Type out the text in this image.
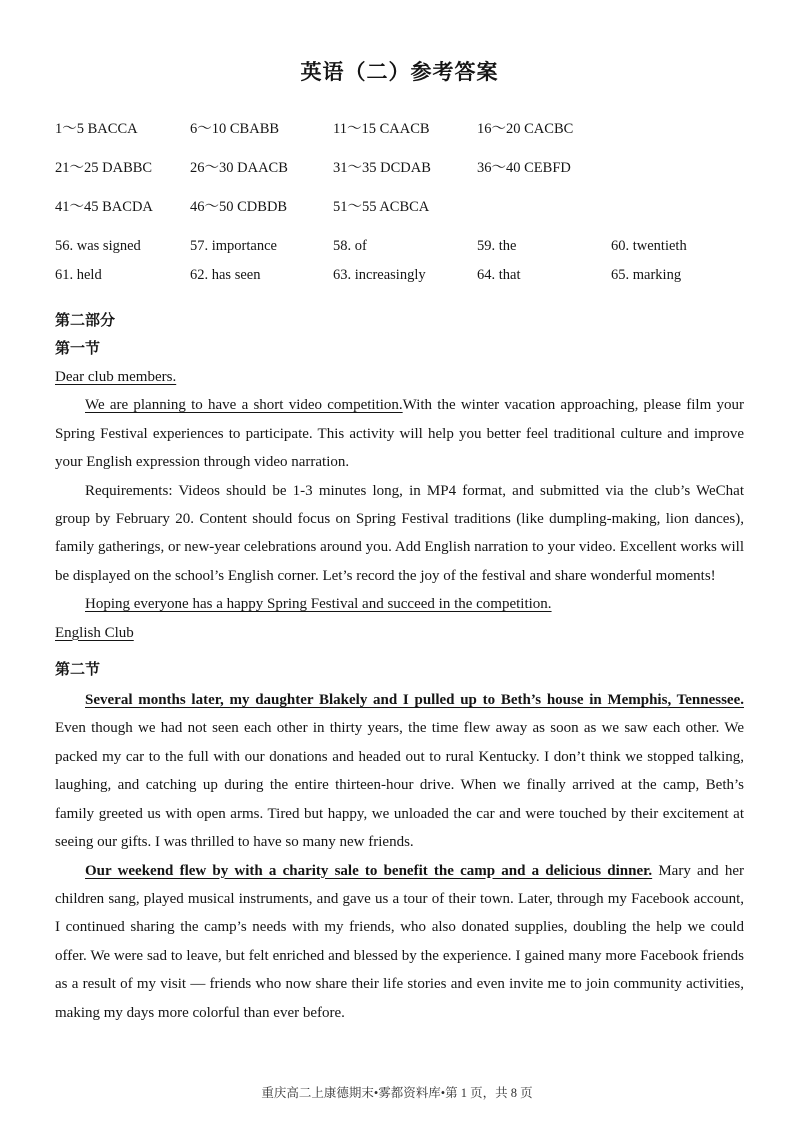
英语（二）参考答案
1～5 BACCA	6～10 CBABB	11～15 CAACB	16～20 CACBC
21～25 DABBC	26～30 DAACB	31～35 DCDAB	36～40 CEBFD
41～45 BACDA	46～50 CDBDB	51～55 ACBCA
56. was signed	57. importance	58. of	59. the	60. twentieth
61. held	62. has seen	63. increasingly	64. that	65. marking

第二部分

第一节

Dear club members.

We are planning to have a short video competition.With the winter vacation approaching, please film your Spring Festival experiences to participate. This activity will help you better feel traditional culture and improve your English expression through video narration.

Requirements: Videos should be 1-3 minutes long, in MP4 format, and submitted via the club’s WeChat group by February 20. Content should focus on Spring Festival traditions (like dumpling-making, lion dances), family gatherings, or new-year celebrations around you. Add English narration to your video. Excellent works will be displayed on the school’s English corner. Let’s record the joy of the festival and share wonderful moments!

Hoping everyone has a happy Spring Festival and succeed in the competition.

English Club

第二节

Several months later, my daughter Blakely and I pulled up to Beth’s house in Memphis, Tennessee. Even though we had not seen each other in thirty years, the time flew away as soon as we saw each other. We packed my car to the full with our donations and headed out to rural Kentucky. I don’t think we stopped talking, laughing, and catching up during the entire thirteen-hour drive. When we finally arrived at the camp, Beth’s family greeted us with open arms. Tired but happy, we unloaded the car and were touched by their excitement at seeing our gifts. I was thrilled to have so many new friends.

Our weekend flew by with a charity sale to benefit the camp and a delicious dinner. Mary and her children sang, played musical instruments, and gave us a tour of their town. Later, through my Facebook account, I continued sharing the camp’s needs with my friends, who also donated supplies, doubling the help we could offer. We were sad to leave, but felt enriched and blessed by the experience. I gained many more Facebook friends as a result of my visit — friends who now share their life stories and even invite me to join community activities, making my days more colorful than ever before.

重庆高二上康德期末•雾都资料库•第 1 页，共 8 页
